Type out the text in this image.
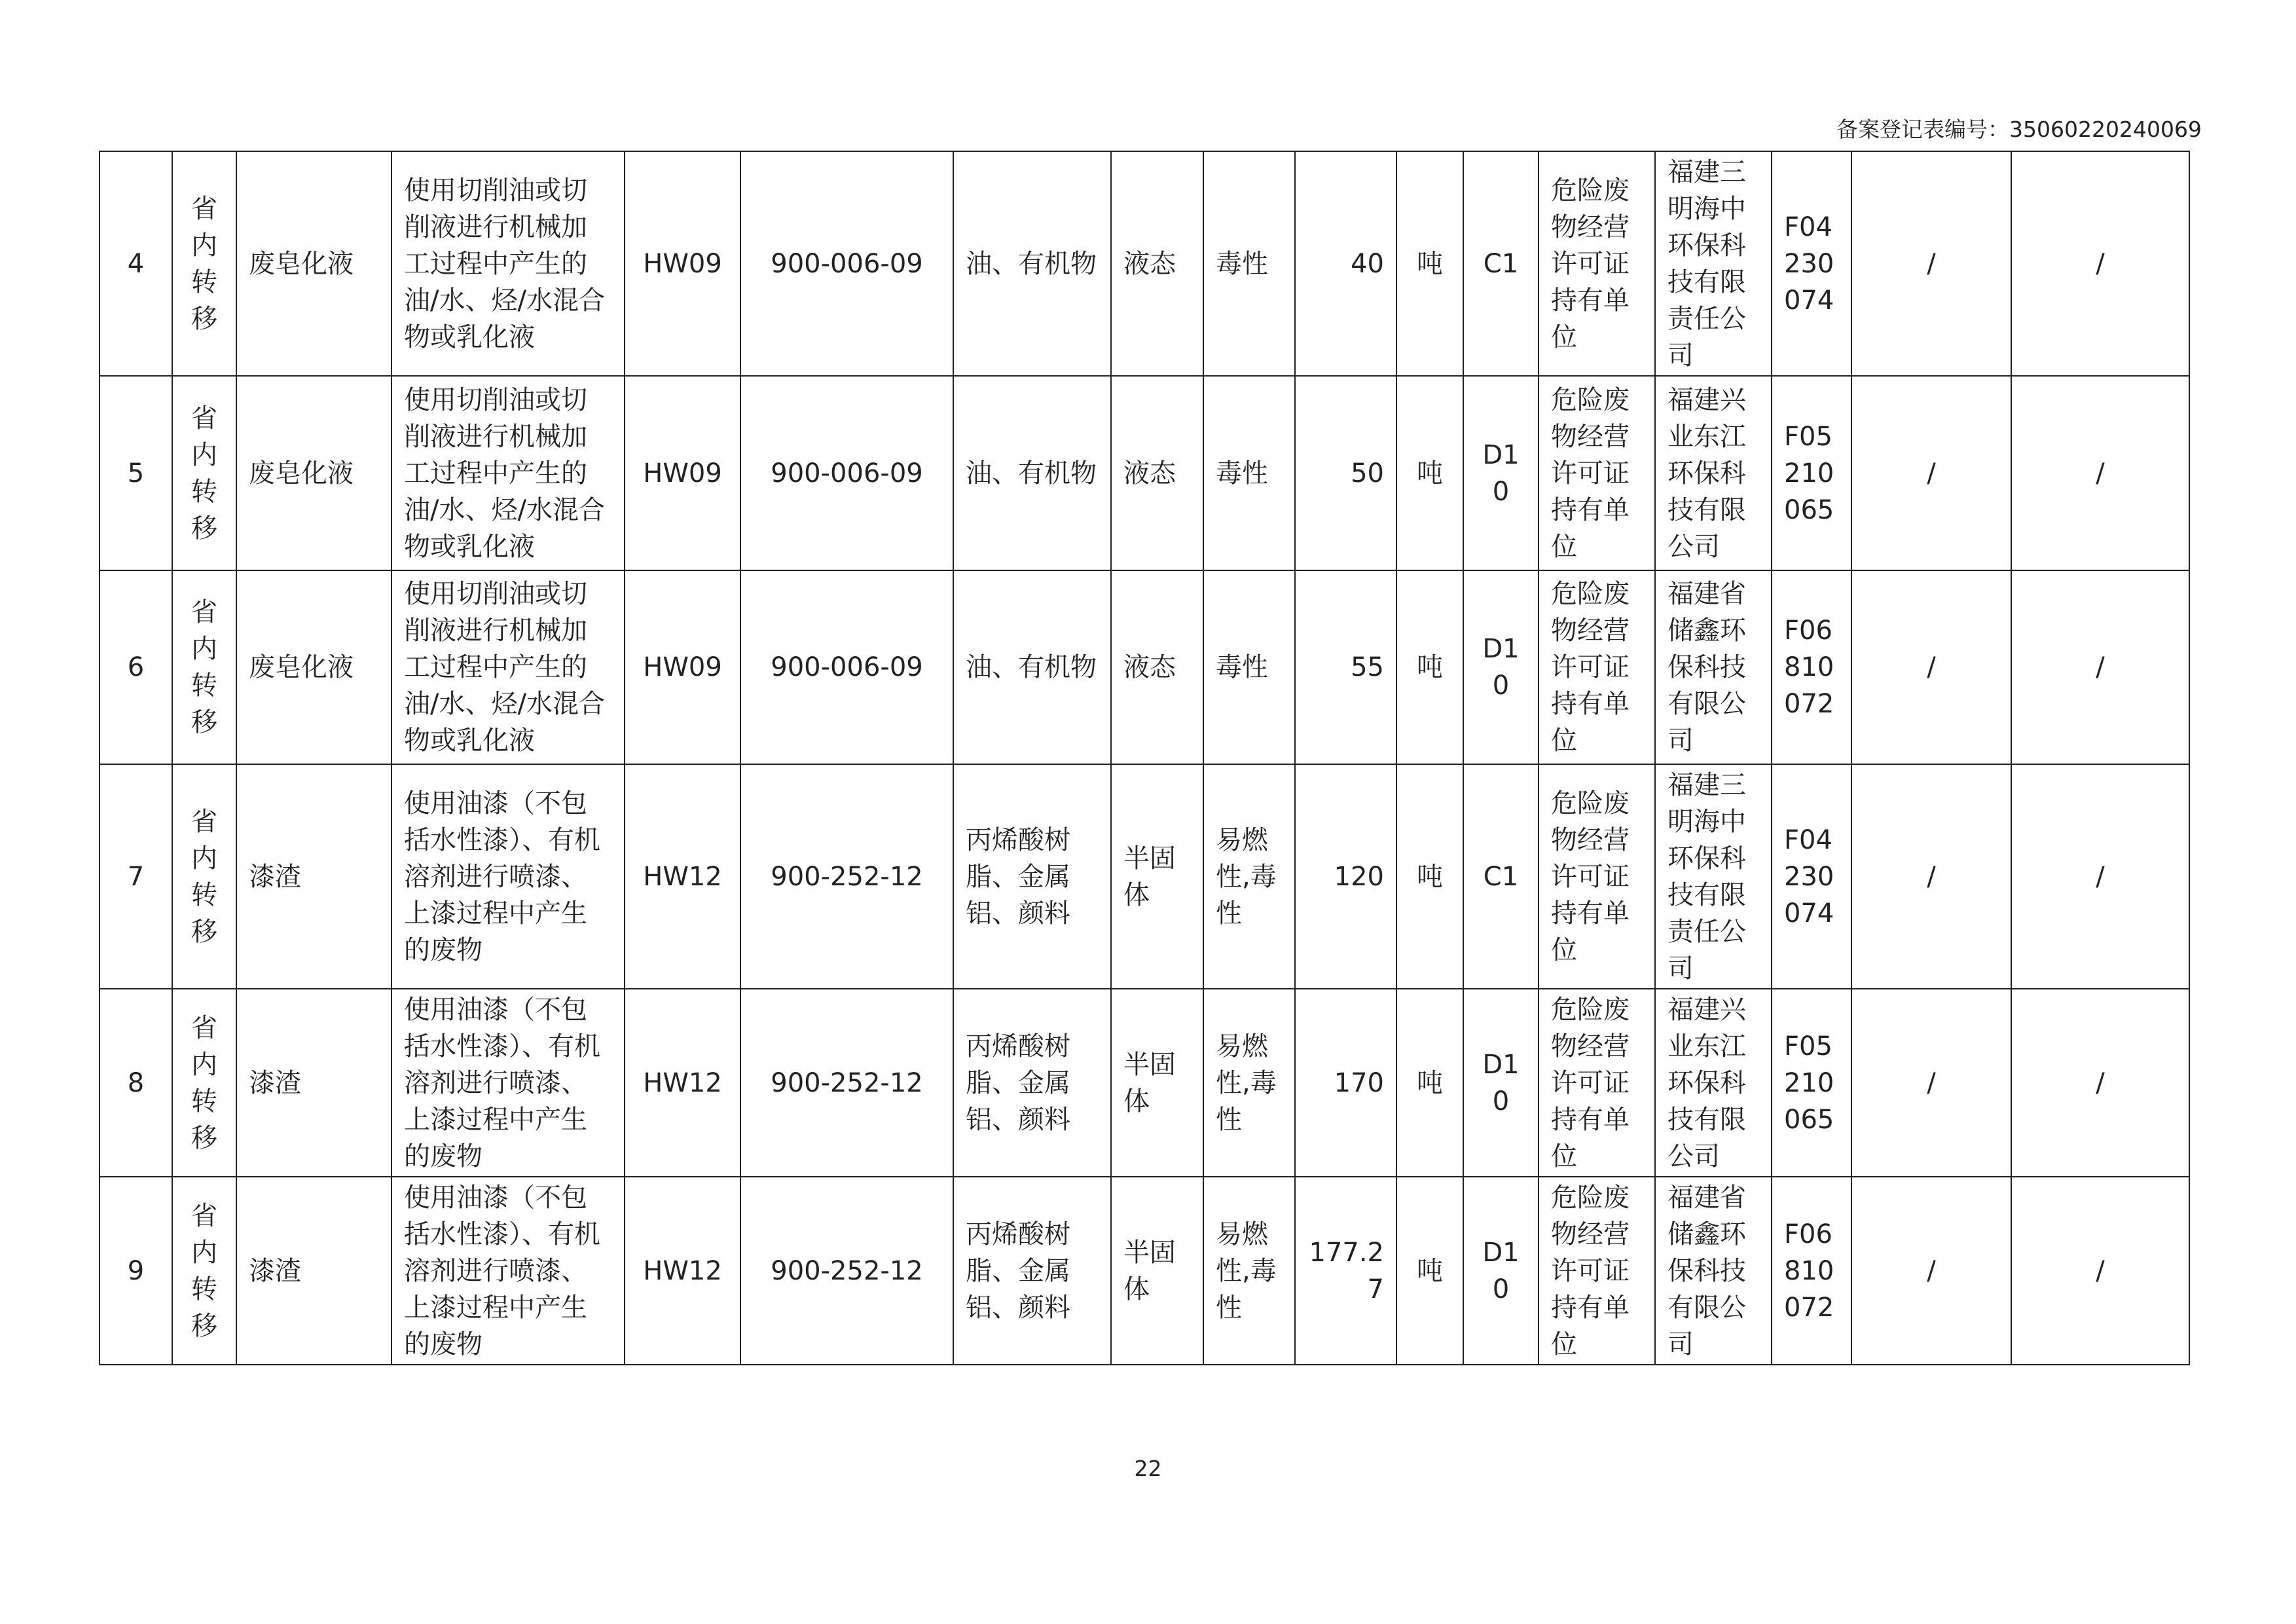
备案登记表编号：35060220240069
4	省内转移	废皂化液	使用切削油或切削液进行机械加工过程中产生的油/水、烃/水混合物或乳化液	HW09	900-006-09	油、有机物	液态	毒性	40	吨	C1	危险废物经营许可证持有单位	福建三明海中环保科技有限责任公司	F04230074	/	/
5	省内转移	废皂化液	使用切削油或切削液进行机械加工过程中产生的油/水、烃/水混合物或乳化液	HW09	900-006-09	油、有机物	液态	毒性	50	吨	D10	危险废物经营许可证持有单位	福建兴业东江环保科技有限公司	F05210065	/	/
6	省内转移	废皂化液	使用切削油或切削液进行机械加工过程中产生的油/水、烃/水混合物或乳化液	HW09	900-006-09	油、有机物	液态	毒性	55	吨	D10	危险废物经营许可证持有单位	福建省储鑫环保科技有限公司	F06810072	/	/
7	省内转移	漆渣	使用油漆（不包括水性漆）、有机溶剂进行喷漆、上漆过程中产生的废物	HW12	900-252-12	丙烯酸树脂、金属铝、颜料	半固体	易燃性,毒性	120	吨	C1	危险废物经营许可证持有单位	福建三明海中环保科技有限责任公司	F04230074	/	/
8	省内转移	漆渣	使用油漆（不包括水性漆）、有机溶剂进行喷漆、上漆过程中产生的废物	HW12	900-252-12	丙烯酸树脂、金属铝、颜料	半固体	易燃性,毒性	170	吨	D10	危险废物经营许可证持有单位	福建兴业东江环保科技有限公司	F05210065	/	/
9	省内转移	漆渣	使用油漆（不包括水性漆）、有机溶剂进行喷漆、上漆过程中产生的废物	HW12	900-252-12	丙烯酸树脂、金属铝、颜料	半固体	易燃性,毒性	177.27	吨	D10	危险废物经营许可证持有单位	福建省储鑫环保科技有限公司	F06810072	/	/
22
